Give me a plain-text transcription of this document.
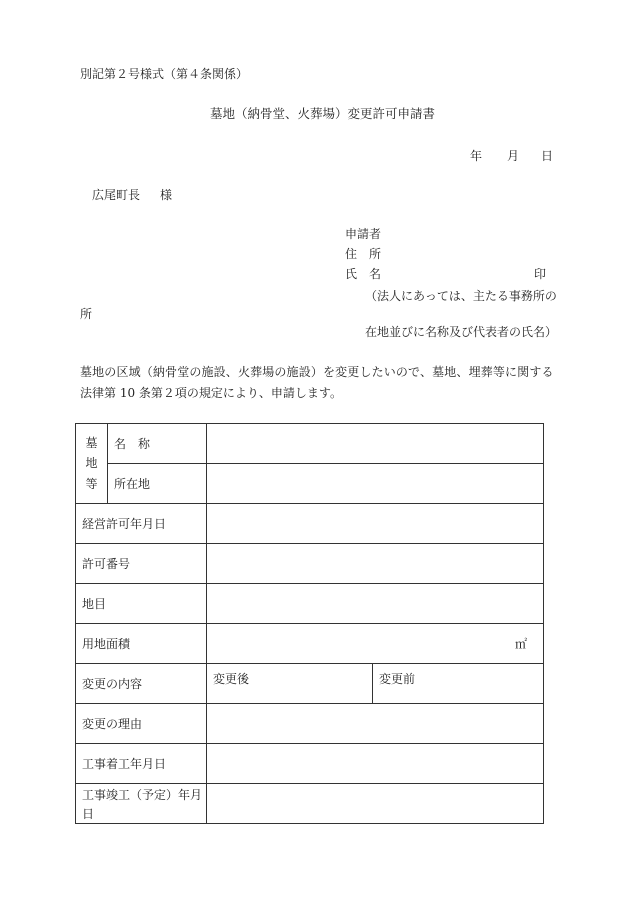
別記第２号様式（第４条関係）
墓地（納骨堂、火葬場）変更許可申請書
年 月 日
広尾町長 様
申請者
住　所
氏　名	印
（法人にあっては、主たる事務所の
所
在地並びに名称及び代表者の氏名）
墓地の区域（納骨堂の施設、火葬場の施設）を変更したいので、墓地、埋葬等に関する
法律第 10 条第２項の規定により、申請します。
墓
地
等	名　称		
	所在地		
経営許可年月日			
許可番号			
地目			
用地面積		㎡	
変更の内容		変更後	変更前
変更の理由			
工事着工年月日			
工事竣工（予定）年月日			
